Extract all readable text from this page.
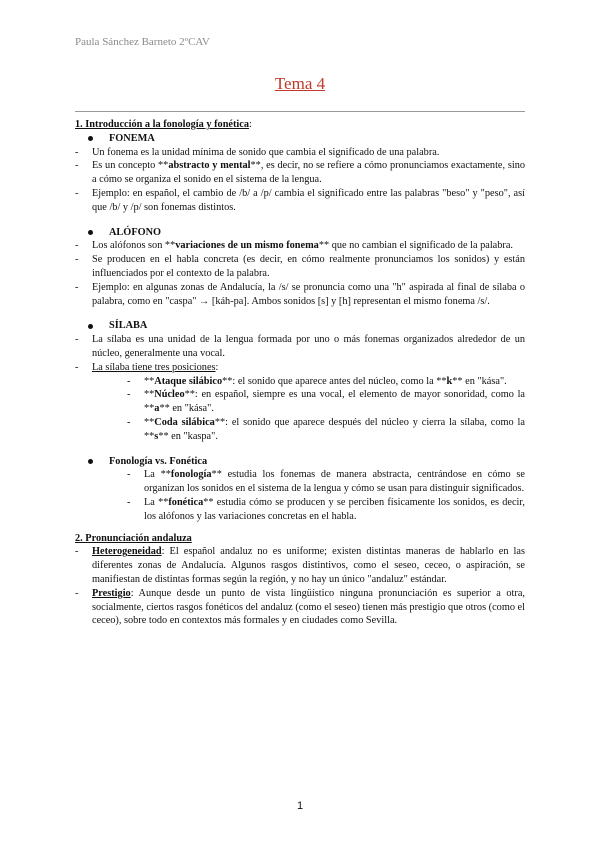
Paula Sánchez Barneto 2ºCAV
Tema 4

1. Introducción a la fonología y fonética:

FONEMA

- Un fonema es la unidad mínima de sonido que cambia el significado de una palabra.

- Es un concepto **abstracto y mental**, es decir, no se refiere a cómo pronunciamos exactamente, sino a cómo se organiza el sonido en el sistema de la lengua.

- Ejemplo: en español, el cambio de /b/ a /p/ cambia el significado entre las palabras "beso" y "peso", así que /b/ y /p/ son fonemas distintos.

ALÓFONO

- Los alófonos son **variaciones de un mismo fonema** que no cambian el significado de la palabra.

- Se producen en el habla concreta (es decir, en cómo realmente pronunciamos los sonidos) y están influenciados por el contexto de la palabra.

- Ejemplo: en algunas zonas de Andalucía, la /s/ se pronuncia como una "h" aspirada al final de sílaba o palabra, como en "caspa" → [káh-pa]. Ambos sonidos [s] y [h] representan el mismo fonema /s/.

SÍLABA

- La sílaba es una unidad de la lengua formada por uno o más fonemas organizados alrededor de un núcleo, generalmente una vocal.

- La sílaba tiene tres posiciones:

- **Ataque silábico**: el sonido que aparece antes del núcleo, como la **k** en "kása".

- **Núcleo**: en español, siempre es una vocal, el elemento de mayor sonoridad, como la **a** en "kása".

- **Coda silábica**: el sonido que aparece después del núcleo y cierra la sílaba, como la **s** en "kaspa".

Fonología vs. Fonética

- La **fonología** estudia los fonemas de manera abstracta, centrándose en cómo se organizan los sonidos en el sistema de la lengua y cómo se usan para distinguir significados.

- La **fonética** estudia cómo se producen y se perciben físicamente los sonidos, es decir, los alófonos y las variaciones concretas en el habla.

2. Pronunciación andaluza

- Heterogeneidad: El español andaluz no es uniforme; existen distintas maneras de hablarlo en las diferentes zonas de Andalucía. Algunos rasgos distintivos, como el seseo, ceceo, o aspiración, se manifiestan de distintas formas según la región, y no hay un único "andaluz" estándar.

- Prestigio: Aunque desde un punto de vista lingüístico ninguna pronunciación es superior a otra, socialmente, ciertos rasgos fonéticos del andaluz (como el seseo) tienen más prestigio que otros (como el ceceo), sobre todo en contextos más formales y en ciudades como Sevilla.

1
